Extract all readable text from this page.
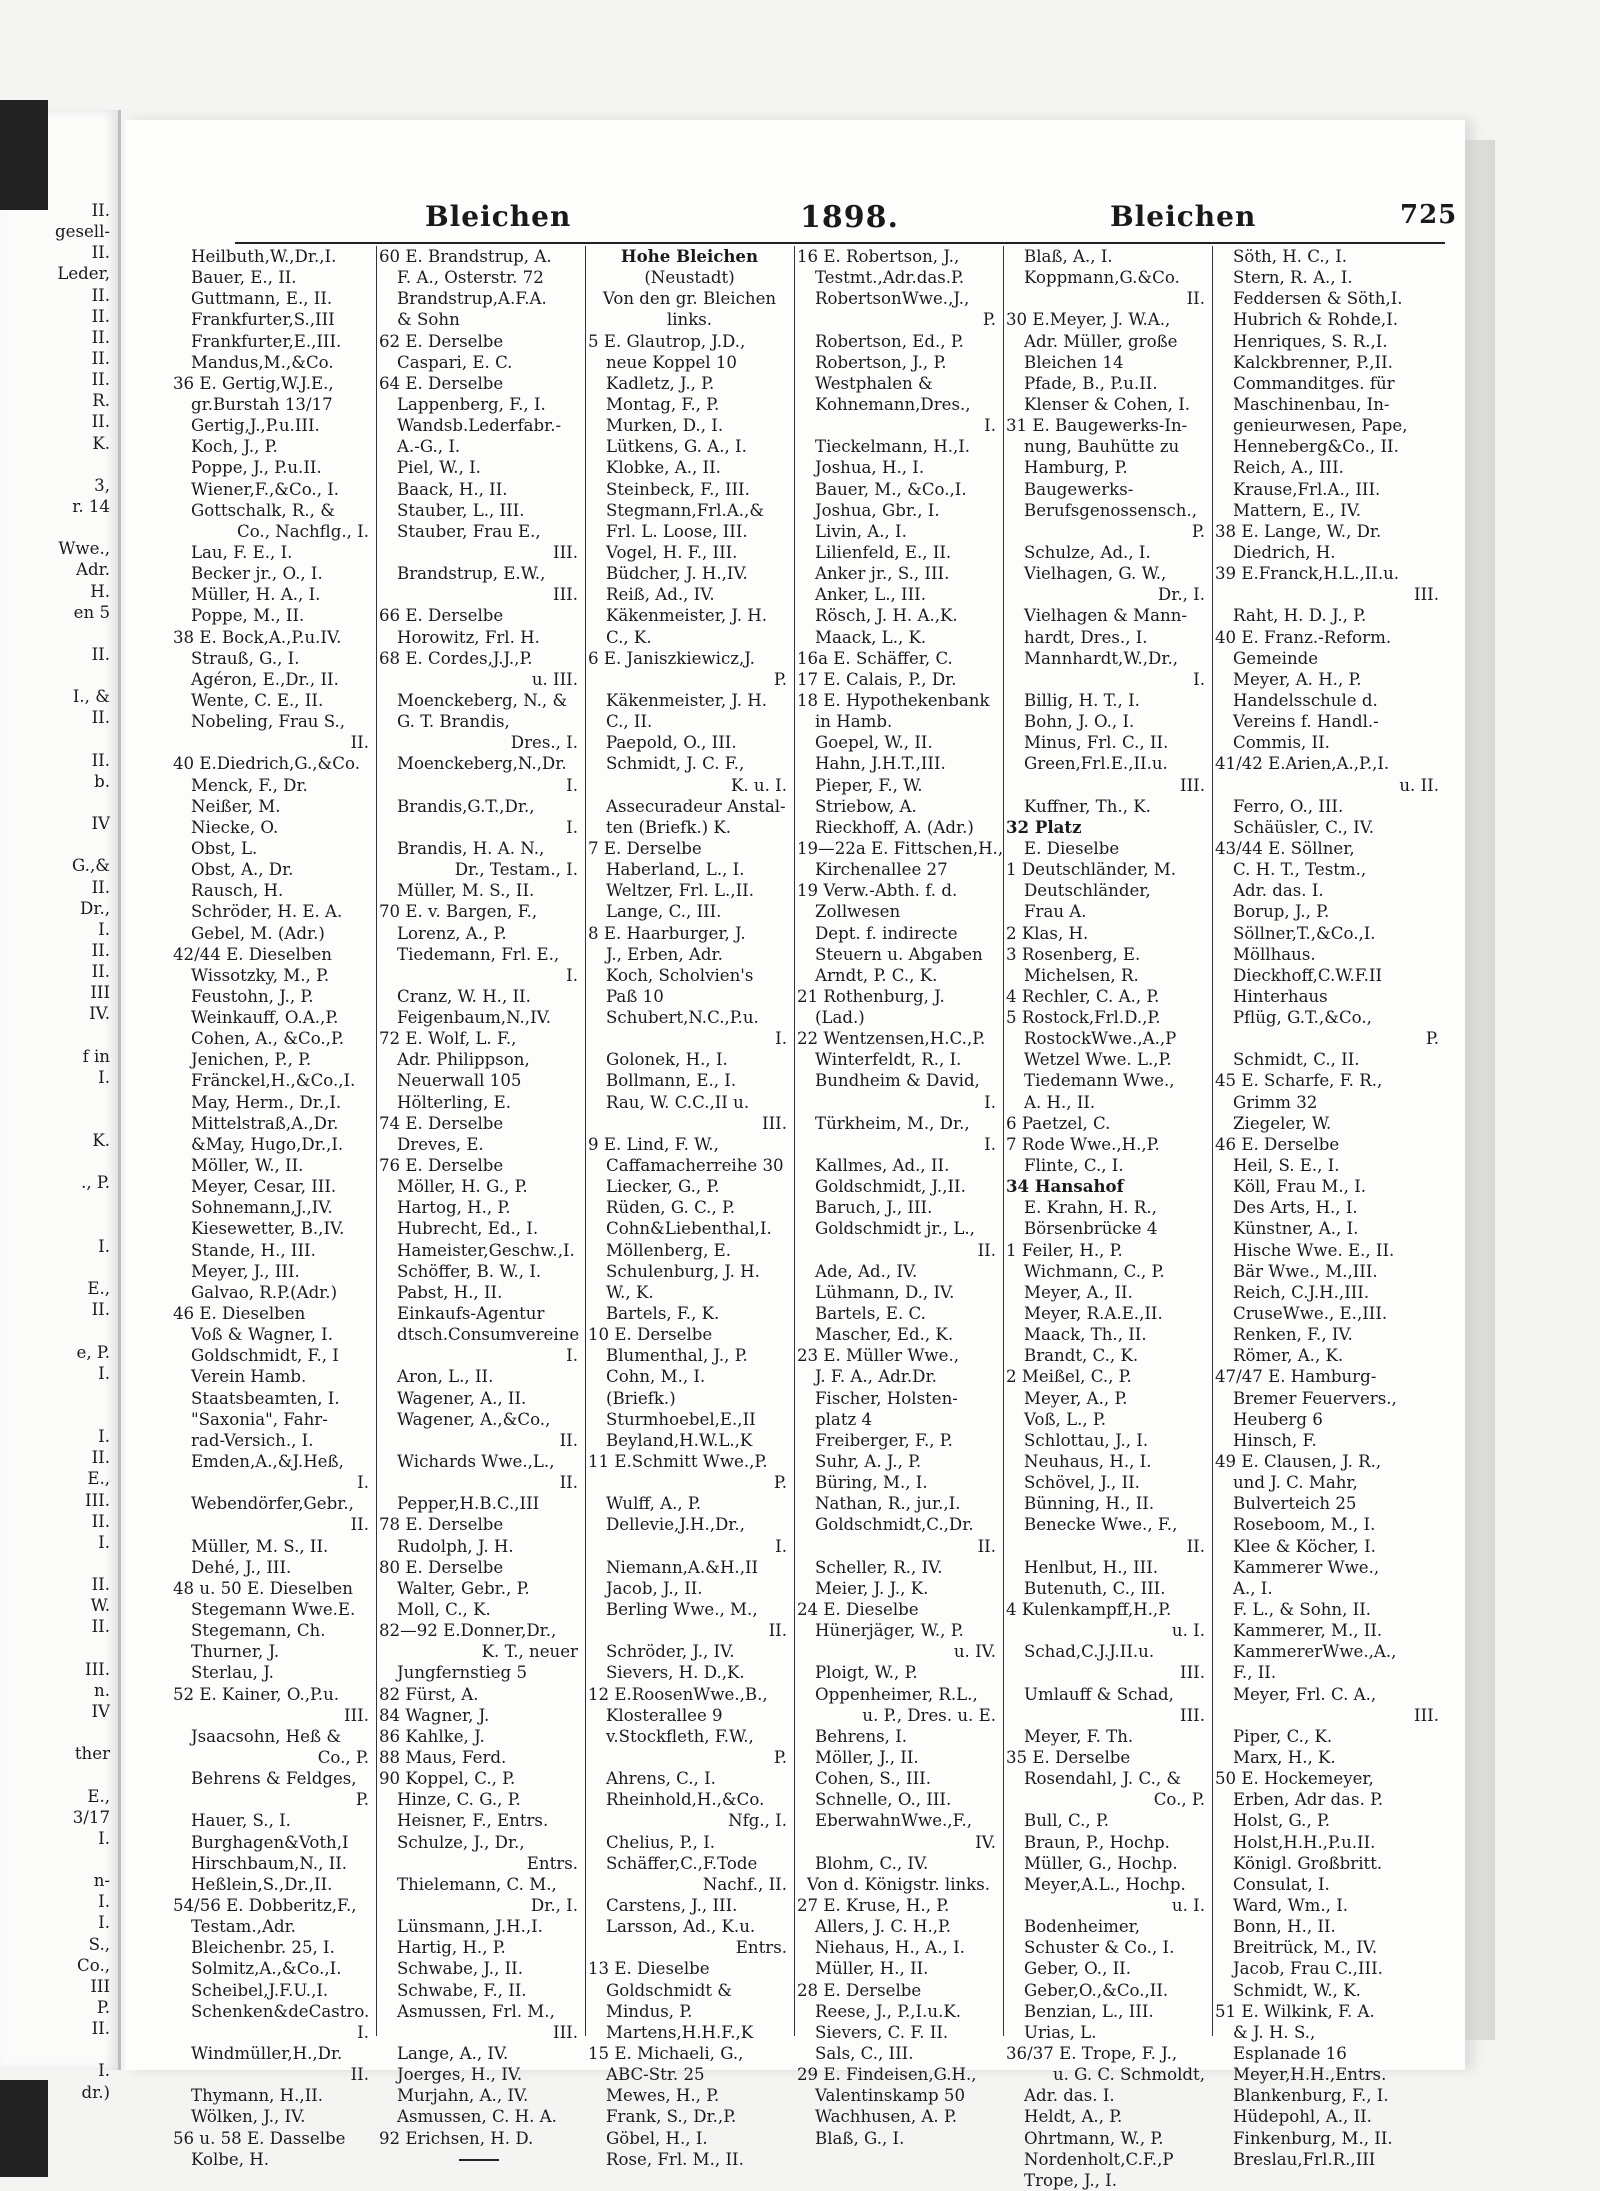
II.
gesell-
II.
Leder,
II.
II.
II.
II.
II.
R.
II.
K.

3,
r. 14

Wwe.,
Adr.
H.
en 5

II.

I., &
II.

II.
b.

IV

G.,&
II.
Dr.,
I.
II.
II.
III
IV.

f in
I.

K.

., P.

I.

E.,
II.

e, P.
I.

I.
II.
E.,
III.
II.
I.

II.
W.
II.

III.
n.
IV

ther

E.,
3/17
I.

n-
I.
I.
S.,
Co.,
III
P.
II.

I.
dr.)
Bleichen	1898.	Bleichen	725
Heilbuth,W.,Dr.,I.
Bauer, E., II.
Guttmann, E., II.
Frankfurter,S.,III
Frankfurter,E.,III.
Mandus,M.,&Co.
36 E. Gertig,W.J.E.,
gr.Burstah 13/17
Gertig,J.,P.u.III.
Koch, J., P.
Poppe, J., P.u.II.
Wiener,F.,&Co., I.
Gottschalk, R., &
Co., Nachflg., I.
Lau, F. E., I.
Becker jr., O., I.
Müller, H. A., I.
Poppe, M., II.
38 E. Bock,A.,P.u.IV.
Strauß, G., I.
Agéron, E.,Dr., II.
Wente, C. E., II.
Nobeling, Frau S.,
II.
40 E.Diedrich,G.,&Co.
Menck, F., Dr.
Neißer, M.
Niecke, O.
Obst, L.
Obst, A., Dr.
Rausch, H.
Schröder, H. E. A.
Gebel, M. (Adr.)
42/44 E. Dieselben
Wissotzky, M., P.
Feustohn, J., P.
Weinkauff, O.A.,P.
Cohen, A., &Co.,P.
Jenichen, P., P.
Fränckel,H.,&Co.,I.
May, Herm., Dr.,I.
Mittelstraß,A.,Dr.
&May, Hugo,Dr.,I.
Möller, W., II.
Meyer, Cesar, III.
Sohnemann,J.,IV.
Kiesewetter, B.,IV.
Stande, H., III.
Meyer, J., III.
Galvao, R.P.(Adr.)
46 E. Dieselben
Voß & Wagner, I.
Goldschmidt, F., I
Verein Hamb.
Staatsbeamten, I.
"Saxonia", Fahr-
rad-Versich., I.
Emden,A.,&J.Heß,
I.
Webendörfer,Gebr.,
II.
Müller, M. S., II.
Dehé, J., III.
48 u. 50 E. Dieselben
Stegemann Wwe.E.
Stegemann, Ch.
Thurner, J.
Sterlau, J.
52 E. Kainer, O.,P.u.
III.
Jsaacsohn, Heß &
Co., P.
Behrens & Feldges,
P.
Hauer, S., I.
Burghagen&Voth,I
Hirschbaum,N., II.
Heßlein,S.,Dr.,II.
54/56 E. Dobberitz,F.,
Testam.,Adr.
Bleichenbr. 25, I.
Solmitz,A.,&Co.,I.
Scheibel,J.F.U.,I.
Schenken&deCastro.
I.
Windmüller,H.,Dr.
II.
Thymann, H.,II.
Wölken, J., IV.
56 u. 58 E. Dasselbe
Kolbe, H.
60 E. Brandstrup, A.
F. A., Osterstr. 72
Brandstrup,A.F.A.
& Sohn
62 E. Derselbe
Caspari, E. C.
64 E. Derselbe
Lappenberg, F., I.
Wandsb.Lederfabr.-
A.-G., I.
Piel, W., I.
Baack, H., II.
Stauber, L., III.
Stauber, Frau E.,
III.
Brandstrup, E.W.,
III.
66 E. Derselbe
Horowitz, Frl. H.
68 E. Cordes,J.J.,P.
u. III.
Moenckeberg, N., &
G. T. Brandis,
Dres., I.
Moenckeberg,N.,Dr.
I.
Brandis,G.T.,Dr.,
I.
Brandis, H. A. N.,
Dr., Testam., I.
Müller, M. S., II.
70 E. v. Bargen, F.,
Lorenz, A., P.
Tiedemann, Frl. E.,
I.
Cranz, W. H., II.
Feigenbaum,N.,IV.
72 E. Wolf, L. F.,
Adr. Philippson,
Neuerwall 105
Hölterling, E.
74 E. Derselbe
Dreves, E.
76 E. Derselbe
Möller, H. G., P.
Hartog, H., P.
Hubrecht, Ed., I.
Hameister,Geschw.,I.
Schöffer, B. W., I.
Pabst, H., II.
Einkaufs-Agentur
dtsch.Consumvereine
I.
Aron, L., II.
Wagener, A., II.
Wagener, A.,&Co.,
II.
Wichards Wwe.,L.,
II.
Pepper,H.B.C.,III
78 E. Derselbe
Rudolph, J. H.
80 E. Derselbe
Walter, Gebr., P.
Moll, C., K.
82—92 E.Donner,Dr.,
K. T., neuer
Jungfernstieg 5
82 Fürst, A.
84 Wagner, J.
86 Kahlke, J.
88 Maus, Ferd.
90 Koppel, C., P.
Hinze, C. G., P.
Heisner, F., Entrs.
Schulze, J., Dr.,
Entrs.
Thielemann, C. M.,
Dr., I.
Lünsmann, J.H.,I.
Hartig, H., P.
Schwabe, J., II.
Schwabe, F., II.
Asmussen, Frl. M.,
III.
Lange, A., IV.
Joerges, H., IV.
Murjahn, A., IV.
Asmussen, C. H. A.
92 Erichsen, H. D.
Hohe Bleichen
(Neustadt)
Von den gr. Bleichen
links.
5 E. Glautrop, J.D.,
neue Koppel 10
Kadletz, J., P.
Montag, F., P.
Murken, D., I.
Lütkens, G. A., I.
Klobke, A., II.
Steinbeck, F., III.
Stegmann,Frl.A.,&
Frl. L. Loose, III.
Vogel, H. F., III.
Büdcher, J. H.,IV.
Reiß, Ad., IV.
Käkenmeister, J. H.
C., K.
6 E. Janiszkiewicz,J.
P.
Käkenmeister, J. H.
C., II.
Paepold, O., III.
Schmidt, J. C. F.,
K. u. I.
Assecuradeur Anstal-
ten (Briefk.) K.
7 E. Derselbe
Haberland, L., I.
Weltzer, Frl. L.,II.
Lange, C., III.
8 E. Haarburger, J.
J., Erben, Adr.
Koch, Scholvien's
Paß 10
Schubert,N.C.,P.u.
I.
Golonek, H., I.
Bollmann, E., I.
Rau, W. C.C.,II u.
III.
9 E. Lind, F. W.,
Caffamacherreihe 30
Liecker, G., P.
Rüden, G. C., P.
Cohn&Liebenthal,I.
Möllenberg, E.
Schulenburg, J. H.
W., K.
Bartels, F., K.
10 E. Derselbe
Blumenthal, J., P.
Cohn, M., I.
(Briefk.)
Sturmhoebel,E.,II
Beyland,H.W.L.,K
11 E.Schmitt Wwe.,P.
P.
Wulff, A., P.
Dellevie,J.H.,Dr.,
I.
Niemann,A.&H.,II
Jacob, J., II.
Berling Wwe., M.,
II.
Schröder, J., IV.
Sievers, H. D.,K.
12 E.RoosenWwe.,B.,
Klosterallee 9
v.Stockfleth, F.W.,
P.
Ahrens, C., I.
Rheinhold,H.,&Co.
Nfg., I.
Chelius, P., I.
Schäffer,C.,F.Tode
Nachf., II.
Carstens, J., III.
Larsson, Ad., K.u.
Entrs.
13 E. Dieselbe
Goldschmidt &
Mindus, P.
Martens,H.H.F.,K
15 E. Michaeli, G.,
ABC-Str. 25
Mewes, H., P.
Frank, S., Dr.,P.
Göbel, H., I.
Rose, Frl. M., II.
16 E. Robertson, J.,
Testmt.,Adr.das.P.
RobertsonWwe.,J.,
P.
Robertson, Ed., P.
Robertson, J., P.
Westphalen &
Kohnemann,Dres.,
I.
Tieckelmann, H.,I.
Joshua, H., I.
Bauer, M., &Co.,I.
Joshua, Gbr., I.
Livin, A., I.
Lilienfeld, E., II.
Anker jr., S., III.
Anker, L., III.
Rösch, J. H. A.,K.
Maack, L., K.
16a E. Schäffer, C.
17 E. Calais, P., Dr.
18 E. Hypothekenbank
in Hamb.
Goepel, W., II.
Hahn, J.H.T.,III.
Pieper, F., W.
Striebow, A.
Rieckhoff, A. (Adr.)
19—22a E. Fittschen,H.,
Kirchenallee 27
19 Verw.-Abth. f. d.
Zollwesen
Dept. f. indirecte
Steuern u. Abgaben
Arndt, P. C., K.
21 Rothenburg, J.
(Lad.)
22 Wentzensen,H.C.,P.
Winterfeldt, R., I.
Bundheim & David,
I.
Türkheim, M., Dr.,
I.
Kallmes, Ad., II.
Goldschmidt, J.,II.
Baruch, J., III.
Goldschmidt jr., L.,
II.
Ade, Ad., IV.
Lühmann, D., IV.
Bartels, E. C.
Mascher, Ed., K.
23 E. Müller Wwe.,
J. F. A., Adr.Dr.
Fischer, Holsten-
platz 4
Freiberger, F., P.
Suhr, A. J., P.
Büring, M., I.
Nathan, R., jur.,I.
Goldschmidt,C.,Dr.
II.
Scheller, R., IV.
Meier, J. J., K.
24 E. Dieselbe
Hünerjäger, W., P.
u. IV.
Ploigt, W., P.
Oppenheimer, R.L.,
u. P., Dres. u. E.
Behrens, I.
Möller, J., II.
Cohen, S., III.
Schnelle, O., III.
EberwahnWwe.,F.,
IV.
Blohm, C., IV.
Von d. Königstr. links.
27 E. Kruse, H., P.
Allers, J. C. H.,P.
Niehaus, H., A., I.
Müller, H., II.
28 E. Derselbe
Reese, J., P.,I.u.K.
Sievers, C. F. II.
Sals, C., III.
29 E. Findeisen,G.H.,
Valentinskamp 50
Wachhusen, A. P.
Blaß, G., I.
Blaß, A., I.
Koppmann,G.&Co.
II.
30 E.Meyer, J. W.A.,
Adr. Müller, große
Bleichen 14
Pfade, B., P.u.II.
Klenser & Cohen, I.
31 E. Baugewerks-In-
nung, Bauhütte zu
Hamburg, P.
Baugewerks-
Berufsgenossensch.,
P.
Schulze, Ad., I.
Vielhagen, G. W.,
Dr., I.
Vielhagen & Mann-
hardt, Dres., I.
Mannhardt,W.,Dr.,
I.
Billig, H. T., I.
Bohn, J. O., I.
Minus, Frl. C., II.
Green,Frl.E.,II.u.
III.
Kuffner, Th., K.
32 Platz
E. Dieselbe
1 Deutschländer, M.
Deutschländer,
Frau A.
2 Klas, H.
3 Rosenberg, E.
Michelsen, R.
4 Rechler, C. A., P.
5 Rostock,Frl.D.,P.
RostockWwe.,A.,P
Wetzel Wwe. L.,P.
Tiedemann Wwe.,
A. H., II.
6 Paetzel, C.
7 Rode Wwe.,H.,P.
Flinte, C., I.
34 Hansahof
E. Krahn, H. R.,
Börsenbrücke 4
1 Feiler, H., P.
Wichmann, C., P.
Meyer, A., II.
Meyer, R.A.E.,II.
Maack, Th., II.
Brandt, C., K.
2 Meißel, C., P.
Meyer, A., P.
Voß, L., P.
Schlottau, J., I.
Neuhaus, H., I.
Schövel, J., II.
Bünning, H., II.
Benecke Wwe., F.,
II.
Henlbut, H., III.
Butenuth, C., III.
4 Kulenkampff,H.,P.
u. I.
Schad,C.J.J.II.u.
III.
Umlauff & Schad,
III.
Meyer, F. Th.
35 E. Derselbe
Rosendahl, J. C., &
Co., P.
Bull, C., P.
Braun, P., Hochp.
Müller, G., Hochp.
Meyer,A.L., Hochp.
u. I.
Bodenheimer,
Schuster & Co., I.
Geber, O., II.
Geber,O.,&Co.,II.
Benzian, L., III.
Urias, L.
36/37 E. Trope, F. J.,
u. G. C. Schmoldt,
Adr. das. I.
Heldt, A., P.
Ohrtmann, W., P.
Nordenholt,C.F.,P
Trope, J., I.
Söth, H. C., I.
Stern, R. A., I.
Feddersen & Söth,I.
Hubrich & Rohde,I.
Henriques, S. R.,I.
Kalckbrenner, P.,II.
Commanditges. für
Maschinenbau, In-
genieurwesen, Pape,
Henneberg&Co., II.
Reich, A., III.
Krause,Frl.A., III.
Mattern, E., IV.
38 E. Lange, W., Dr.
Diedrich, H.
39 E.Franck,H.L.,II.u.
III.
Raht, H. D. J., P.
40 E. Franz.-Reform.
Gemeinde
Meyer, A. H., P.
Handelsschule d.
Vereins f. Handl.-
Commis, II.
41/42 E.Arien,A.,P.,I.
u. II.
Ferro, O., III.
Schäüsler, C., IV.
43/44 E. Söllner,
C. H. T., Testm.,
Adr. das. I.
Borup, J., P.
Söllner,T.,&Co.,I.
Möllhaus.
Dieckhoff,C.W.F.II
Hinterhaus
Pflüg, G.T.,&Co.,
P.
Schmidt, C., II.
45 E. Scharfe, F. R.,
Grimm 32
Ziegeler, W.
46 E. Derselbe
Heil, S. E., I.
Köll, Frau M., I.
Des Arts, H., I.
Künstner, A., I.
Hische Wwe. E., II.
Bär Wwe., M.,III.
Reich, C.J.H.,III.
CruseWwe., E.,III.
Renken, F., IV.
Römer, A., K.
47/47 E. Hamburg-
Bremer Feuervers.,
Heuberg 6
Hinsch, F.
49 E. Clausen, J. R.,
und J. C. Mahr,
Bulverteich 25
Roseboom, M., I.
Klee & Köcher, I.
Kammerer Wwe.,
A., I.
F. L., & Sohn, II.
Kammerer, M., II.
KammererWwe.,A.,
F., II.
Meyer, Frl. C. A.,
III.
Piper, C., K.
Marx, H., K.
50 E. Hockemeyer,
Erben, Adr das. P.
Holst, G., P.
Holst,H.H.,P.u.II.
Königl. Großbritt.
Consulat, I.
Ward, Wm., I.
Bonn, H., II.
Breitrück, M., IV.
Jacob, Frau C.,III.
Schmidt, W., K.
51 E. Wilkink, F. A.
& J. H. S.,
Esplanade 16
Meyer,H.H.,Entrs.
Blankenburg, F., I.
Hüdepohl, A., II.
Finkenburg, M., II.
Breslau,Frl.R.,III
